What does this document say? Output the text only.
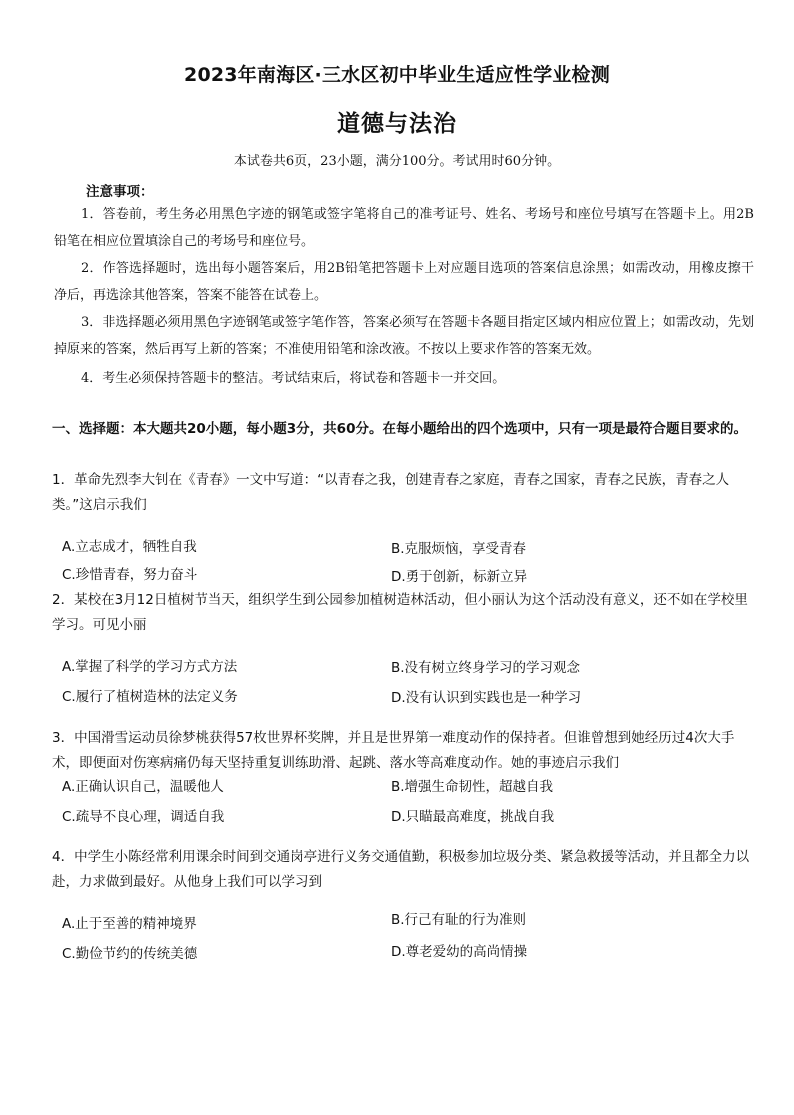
2023年南海区·三水区初中毕业生适应性学业检测
道德与法治
本试卷共6页，23小题，满分100分。考试用时60分钟。
注意事项：
1．答卷前，考生务必用黑色字迹的钢笔或签字笔将自己的准考证号、姓名、考场号和座位号填写在答题卡上。用2B铅笔在相应位置填涂自己的考场号和座位号。
2．作答选择题时，选出每小题答案后，用2B铅笔把答题卡上对应题目选项的答案信息涂黑；如需改动，用橡皮擦干净后，再选涂其他答案，答案不能答在试卷上。
3．非选择题必须用黑色字迹钢笔或签字笔作答，答案必须写在答题卡各题目指定区域内相应位置上；如需改动，先划掉原来的答案，然后再写上新的答案；不准使用铅笔和涂改液。不按以上要求作答的答案无效。
4．考生必须保持答题卡的整洁。考试结束后，将试卷和答题卡一并交回。
一、选择题：本大题共20小题，每小题3分，共60分。在每小题给出的四个选项中，只有一项是最符合题目要求的。
1．革命先烈李大钊在《青春》一文中写道：“以青春之我，创建青春之家庭，青春之国家，青春之民族，青春之人类。”这启示我们
A.立志成才，牺牲自我	B.克服烦恼，享受青春
C.珍惜青春，努力奋斗	D.勇于创新，标新立异
2．某校在3月12日植树节当天，组织学生到公园参加植树造林活动，但小丽认为这个活动没有意义，还不如在学校里学习。可见小丽
A.掌握了科学的学习方式方法	B.没有树立终身学习的学习观念
C.履行了植树造林的法定义务	D.没有认识到实践也是一种学习
3．中国滑雪运动员徐梦桃获得57枚世界杯奖牌，并且是世界第一难度动作的保持者。但谁曾想到她经历过4次大手术，即便面对伤寒病痛仍每天坚持重复训练助滑、起跳、落水等高难度动作。她的事迹启示我们
A.正确认识自己，温暖他人	B.增强生命韧性，超越自我
C.疏导不良心理，调适自我	D.只瞄最高难度，挑战自我
4．中学生小陈经常利用课余时间到交通岗亭进行义务交通值勤，积极参加垃圾分类、紧急救援等活动，并且都全力以赴，力求做到最好。从他身上我们可以学习到
A.止于至善的精神境界	B.行己有耻的行为准则
C.勤俭节约的传统美德	D.尊老爱幼的高尚情操
